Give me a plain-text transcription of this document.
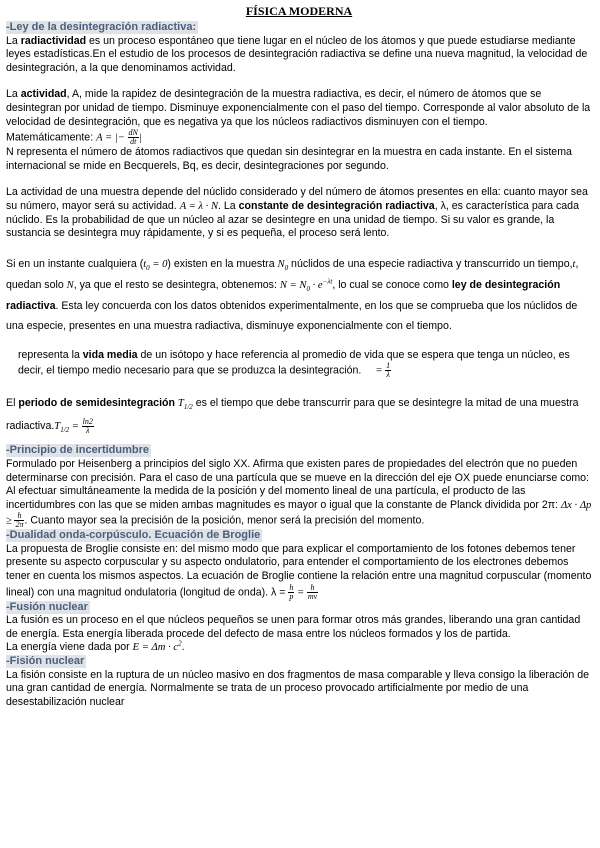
FÍSICA MODERNA
-Ley de la desintegración radiactiva:

La radiactividad es un proceso espontáneo que tiene lugar en el núcleo de los átomos y que puede estudiarse mediante leyes estadísticas.En el estudio de los procesos de desintegración radiactiva se define una nueva magnitud, la velocidad de desintegración, a la que denominamos actividad.

La actividad, A, mide la rapidez de desintegración de la muestra radiactiva, es decir, el número de átomos que se desintegran por unidad de tiempo. Disminuye exponencialmente con el paso del tiempo. Corresponde al valor absoluto de la velocidad de desintegración, que es negativa ya que los núcleos radiactivos disminuyen con el tiempo.

Matemáticamente: A = |− $\frac{dN}{dt}$ |

N representa el número de átomos radiactivos que quedan sin desintegrar en la muestra en cada instante. En el sistema internacional se mide en Becquerels, Bq, es decir, desintegraciones por segundo.

La actividad de una muestra depende del núclido considerado y del número de átomos presentes en ella: cuanto mayor sea su número, mayor será su actividad. A = λ · N. La constante de desintegración radiactiva, λ, es característica para cada núclido. Es la probabilidad de que un núcleo al azar se desintegre en una unidad de tiempo. Si su valor es grande, la sustancia se desintegra muy rápidamente, y si es pequeña, el proceso será lento.

Si en un instante cualquiera $(t_0 = 0)$ existen en la muestra $N_0$ núclidos de una especie radiactiva y transcurrido un tiempo,t, quedan solo N, ya que el resto se desintegra, obtenemos: $N = N_0 \cdot e^{-\lambda t}$, lo cual se conoce como ley de desintegración radiactiva. Esta ley concuerda con los datos obtenidos experimentalmente, en los que se comprueba que los núclidos de una especie, presentes en una muestra radiactiva, disminuye exponencialmente con el tiempo.

representa la vida media de un isótopo y hace referencia al promedio de vida que se espera que tenga un núcleo, es decir, el tiempo medio necesario para que se produzca la desintegración. = $\frac{1}{\lambda}$

El periodo de semidesintegración $T_{1/2}$ es el tiempo que debe transcurrir para que se desintegre la mitad de una muestra $radiactiva.T_{1/2} = \frac{\ln 2}{\lambda}$

-Principio de incertidumbre

Formulado por Heisenberg a principios del siglo XX. Afirma que existen pares de propiedades del electrón que no pueden determinarse con precisión. Para el caso de una partícula que se mueve en la dirección del eje OX puede enunciarse como: Al efectuar simultáneamente la medida de la posición y del momento lineal de una partícula, el producto de las incertidumbres con las que se miden ambas magnitudes es mayor o igual que la constante de Planck dividida por 2π: $\Delta x \cdot \Delta p \ge \frac{h}{2\pi}$ . Cuanto mayor sea la precisión de la posición, menor será la precisión del momento.

-Dualidad onda-corpúsculo. Ecuación de Broglie

La propuesta de Broglie consiste en: del mismo modo que para explicar el comportamiento de los fotones debemos tener presente su aspecto corpuscular y su aspecto ondulatorio, para entender el comportamiento de los electrones debemos tener en cuenta los mismos aspectos. La ecuación de Broglie contiene la relación entre una magnitud corpuscular (momento lineal) con una magnitud ondulatoria (longitud de onda). $\lambda = \frac{h}{p} = \frac{h}{mv}$

-Fusión nuclear

La fusión es un proceso en el que núcleos pequeños se unen para formar otros más grandes, liberando una gran cantidad de energía. Esta energía liberada procede del defecto de masa entre los núcleos formados y los de partida.

La energía viene dada por $E = \Delta m \cdot c^2$.

-Fisión nuclear

La fisión consiste en la ruptura de un núcleo masivo en dos fragmentos de masa comparable y lleva consigo la liberación de una gran cantidad de energía. Normalmente se trata de un proceso provocado artificialmente por medio de una desestabilización nuclear
